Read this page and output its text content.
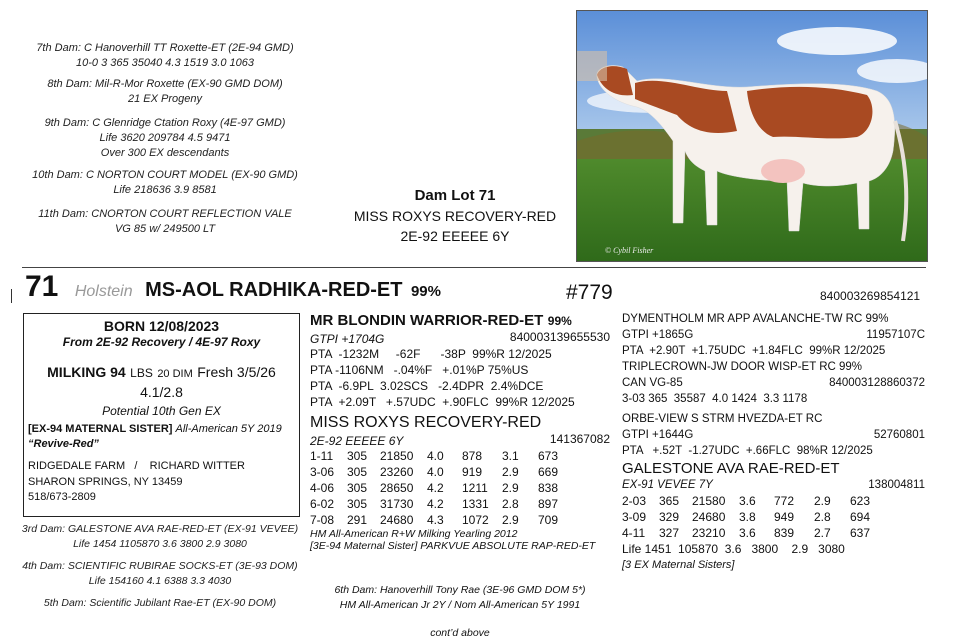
7th Dam: C Hanoverhill TT Roxette-ET (2E-94 GMD)
10-0 3 365 35040 4.3 1519 3.0 1063
8th Dam: Mil-R-Mor Roxette (EX-90 GMD DOM)
21 EX Progeny
9th Dam: C Glenridge Ctation Roxy (4E-97 GMD)
Life 3620 209784 4.5 9471
Over 300 EX descendants
10th Dam: C NORTON COURT MODEL (EX-90 GMD)
Life 218636 3.9 8581
11th Dam: CNORTON COURT REFLECTION VALE
VG 85 w/ 249500 LT
Dam Lot 71
MISS ROXYS RECOVERY-RED
2E-92 EEEEE 6Y
© Cybil Fisher
71 Holstein MS-AOL RADHIKA-RED-ET 99%	#779	840003269854121
BORN 12/08/2023
From 2E-92 Recovery / 4E-97 Roxy
MILKING 94 LBS 20 DIM Fresh 3/5/26
4.1/2.8
Potential 10th Gen EX
[EX-94 MATERNAL SISTER] All-American 5Y 2019
“Revive-Red”
RIDGEDALE FARM   /    RICHARD WITTER
SHARON SPRINGS, NY 13459
518/673-2809
3rd Dam: GALESTONE AVA RAE-RED-ET (EX-91 VEVEE)
Life 1454 1105870 3.6 3800 2.9 3080
4th Dam: SCIENTIFIC RUBIRAE SOCKS-ET (3E-93 DOM)
Life 154160 4.1 6388 3.3 4030
5th Dam: Scientific Jubilant Rae-ET (EX-90 DOM)
MR BLONDIN WARRIOR-RED-ET 99%
GTPI +1704G	840003139655530
PTA  -1232M     -62F      -38P  99%R 12/2025
PTA -1106NM   -.04%F   +.01%P 75%US
PTA  -6.9PL  3.02SCS   -2.4DPR  2.4%DCE
PTA  +2.09T   +.57UDC  +.90FLC  99%R 12/2025
MISS ROXYS RECOVERY-RED
2E-92 EEEEE 6Y	141367082
1-11	305	21850	4.0	878	3.1	673
3-06	305	23260	4.0	919	2.9	669
4-06	305	28650	4.2	1211	2.9	838
6-02	305	31730	4.2	1331	2.8	897
7-08	291	24680	4.3	1072	2.9	709
HM All-American R+W Milking Yearling 2012
[3E-94 Maternal Sister] PARKVUE ABSOLUTE RAP-RED-ET
6th Dam: Hanoverhill Tony Rae (3E-96 GMD DOM 5*)
HM All-American Jr 2Y / Nom All-American 5Y 1991
cont’d above
DYMENTHOLM MR APP AVALANCHE-TW RC 99%
GTPI +1865G	11957107C
PTA  +2.90T  +1.75UDC  +1.84FLC  99%R 12/2025
TRIPLECROWN-JW DOOR WISP-ET RC 99%
CAN VG-85	840003128860372
3-03 365  35587  4.0 1424  3.3 1178
ORBE-VIEW S STRM HVEZDA-ET RC
GTPI +1644G	52760801
PTA   +.52T  -1.27UDC  +.66FLC  98%R 12/2025
GALESTONE AVA RAE-RED-ET
EX-91 VEVEE 7Y	138004811
2-03	365	21580	3.6	772	2.9	623
3-09	329	24680	3.8	949	2.8	694
4-11	327	23210	3.6	839	2.7	637
Life 1451  105870  3.6   3800    2.9   3080
[3 EX Maternal Sisters]
